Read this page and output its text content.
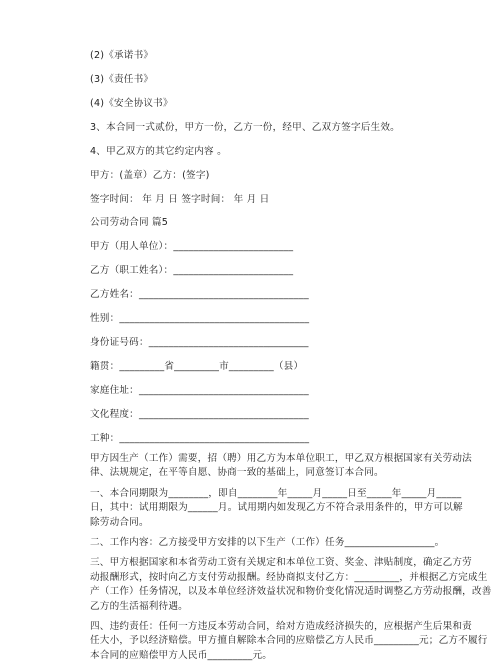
(2)《承诺书》
(3)《责任书》
(4)《安全协议书》
3、本合同一式贰份，甲方一份，乙方一份，经甲、乙双方签字后生效。
4、甲乙双方的其它约定内容 。
甲方：(盖章）乙方：(签字)
签字时间： 年 月 日 签字时间： 年 月 日
公司劳动合同 篇5
甲方（用人单位）：________________________
乙方（职工姓名）：________________________
乙方姓名：__________________________________
性别：______________________________________
身份证号码：________________________________
籍贯：_________省_________市_________（县）
家庭住址：__________________________________
文化程度：__________________________________
工种：______________________________________
甲方因生产（工作）需要，招（聘）用乙方为本单位职工，甲乙双方根据国家有关劳动法
律、法规规定，在平等自愿、协商一致的基础上，同意签订本合同。
一、本合同期限为________，即自________年_____月_____日至_____年_____月_____
日，其中：试用期限为______月。试用期内如发现乙方不符合录用条件的，甲方可以解
除劳动合同。
二、工作内容：乙方接受甲方安排的以下生产（工作）任务__________________。
三、甲方根据国家和本省劳动工资有关规定和本单位工资、奖金、津贴制度，确定乙方劳
动报酬形式，按时向乙方支付劳动报酬。经协商拟支付乙方：_________，并根据乙方完成生
产（工作）任务情况，以及本单位经济效益状况和物价变化情况适时调整乙方劳动报酬，改善
乙方的生活福利待遇。
四、违约责任：任何一方违反本劳动合同，给对方造成经济损失的，应根据产生后果和责
任大小，予以经济赔偿。甲方擅自解除本合同的应赔偿乙方人民币_________元；乙方不履行
本合同的应赔偿甲方人民币_________元。
